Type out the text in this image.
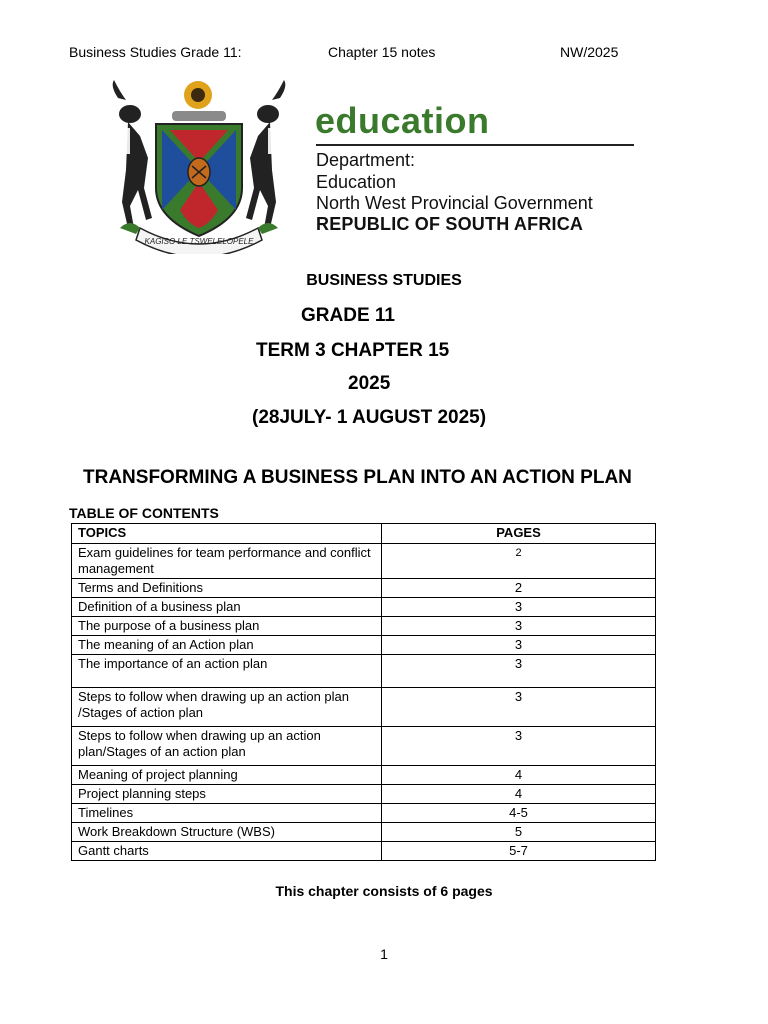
Business Studies Grade 11:	Chapter 15 notes	NW/2025
KAGISO LE TSWELELOPELE
education
Department:
Education
North West Provincial Government
REPUBLIC OF SOUTH AFRICA
BUSINESS STUDIES
GRADE 11
TERM 3 CHAPTER 15
2025
(28JULY- 1 AUGUST 2025)
TRANSFORMING A BUSINESS PLAN INTO AN ACTION PLAN
TABLE OF CONTENTS
TOPICS	PAGES
Exam guidelines for team performance and conflict management	2
Terms and Definitions	2
Definition of a business plan	3
The purpose of a business plan	3
The meaning of an Action plan	3
The importance of an action plan	3
Steps to follow when drawing up an action plan /Stages of action plan	3
Steps to follow when drawing up an action plan/Stages of an action plan	3
Meaning of project planning	4
Project planning steps	4
Timelines	4-5
Work Breakdown Structure (WBS)	5
Gantt charts	5-7
This chapter consists of 6 pages
1
